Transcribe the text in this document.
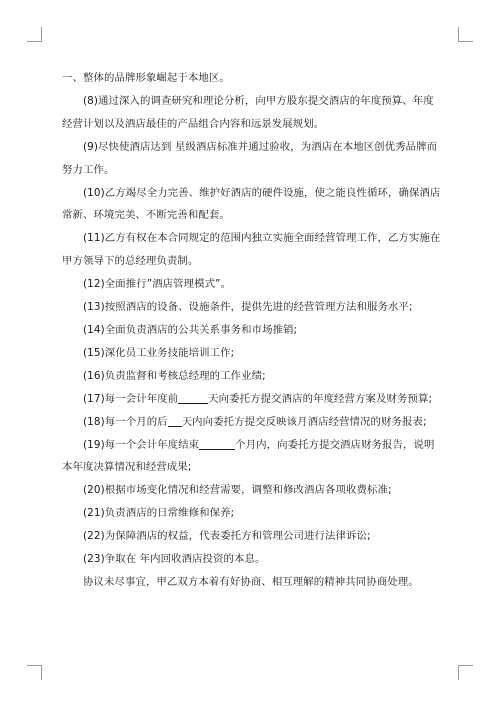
一、整体的品牌形象崛起于本地区。

(8)通过深入的调查研究和理论分析，向甲方股东提交酒店的年度预算、年度经营计划以及酒店最佳的产品组合内容和远景发展规划。

(9)尽快使酒店达到 星级酒店标准并通过验收，为酒店在本地区创优秀品牌而努力工作。

(10)乙方竭尽全力完善、维护好酒店的硬件设施，使之能良性循环，确保酒店常新、环境完美、不断完善和配套。

(11)乙方有权在本合同规定的范围内独立实施全面经营管理工作，乙方实施在甲方领导下的总经理负责制。

(12)全面推行”酒店管理模式”。

(13)按照酒店的设备、设施条件，提供先进的经营管理方法和服务水平;

(14)全面负责酒店的公共关系事务和市场推销;

(15)深化员工业务技能培训工作;

(16)负责监督和考核总经理的工作业绩;

(17)每一会计年度前	天向委托方提交酒店的年度经营方案及财务预算;

(18)每一个月的后 天内向委托方提交反映该月酒店经营情况的财务报表;

(19)每一个会计年度结束	个月内，向委托方提交酒店财务报告，说明本年度决算情况和经营成果;

(20)根据市场变化情况和经营需要，调整和修改酒店各项收费标准;

(21)负责酒店的日常维修和保养;

(22)为保障酒店的权益，代表委托方和管理公司进行法律诉讼;

(23)争取在 年内回收酒店投资的本息。

协议未尽事宜，甲乙双方本着有好协商、相互理解的精神共同协商处理。
